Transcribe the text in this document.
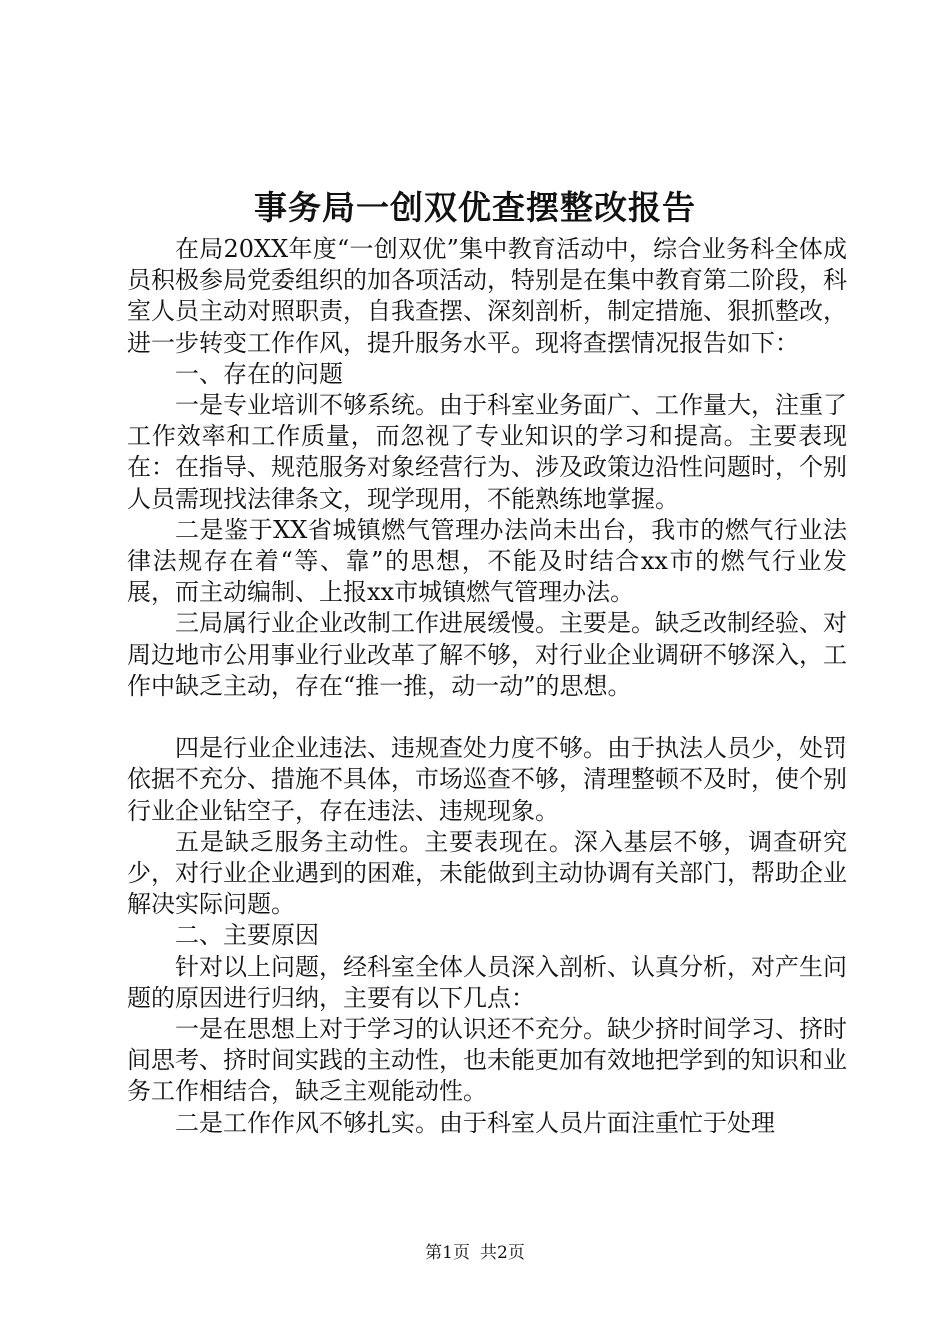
事务局一创双优查摆整改报告

在局20XX年度“一创双优”集中教育活动中，综合业务科全体成员积极参局党委组织的加各项活动，特别是在集中教育第二阶段，科室人员主动对照职责，自我查摆、深刻剖析，制定措施、狠抓整改，进一步转变工作作风，提升服务水平。现将查摆情况报告如下：

一、存在的问题

一是专业培训不够系统。由于科室业务面广、工作量大，注重了工作效率和工作质量，而忽视了专业知识的学习和提高。主要表现在：在指导、规范服务对象经营行为、涉及政策边沿性问题时，个别人员需现找法律条文，现学现用，不能熟练地掌握。

二是鉴于XX省城镇燃气管理办法尚未出台，我市的燃气行业法律法规存在着“等、靠”的思想，不能及时结合xx市的燃气行业发展，而主动编制、上报xx市城镇燃气管理办法。

三局属行业企业改制工作进展缓慢。主要是。缺乏改制经验、对周边地市公用事业行业改革了解不够，对行业企业调研不够深入，工作中缺乏主动，存在“推一推，动一动”的思想。

四是行业企业违法、违规查处力度不够。由于执法人员少，处罚依据不充分、措施不具体，市场巡查不够，清理整顿不及时，使个别行业企业钻空子，存在违法、违规现象。

五是缺乏服务主动性。主要表现在。深入基层不够，调查研究少，对行业企业遇到的困难，未能做到主动协调有关部门，帮助企业解决实际问题。

二、主要原因

针对以上问题，经科室全体人员深入剖析、认真分析，对产生问题的原因进行归纳，主要有以下几点：

一是在思想上对于学习的认识还不充分。缺少挤时间学习、挤时间思考、挤时间实践的主动性，也未能更加有效地把学到的知识和业务工作相结合，缺乏主观能动性。

二是工作作风不够扎实。由于科室人员片面注重忙于处理

第1页 共2页
